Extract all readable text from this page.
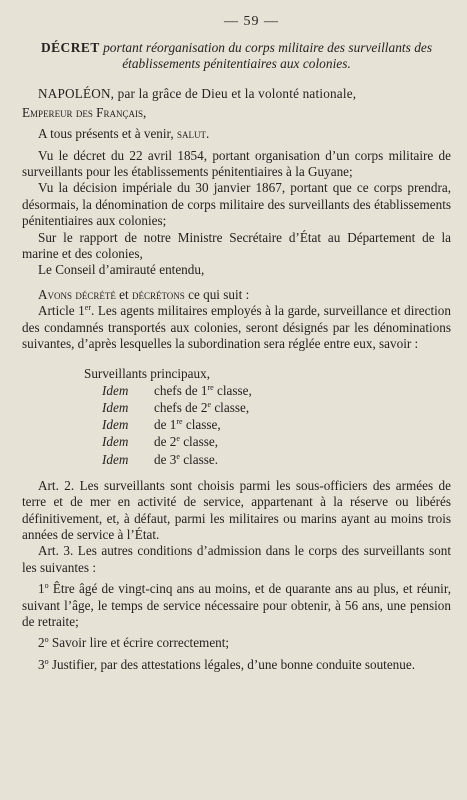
— 59 —
DÉCRET portant réorganisation du corps militaire des surveillants des établissements pénitentiaires aux colonies.

NAPOLÉON, par la grâce de Dieu et la volonté nationale,

Empereur des Français,

A tous présents et à venir, salut.

Vu le décret du 22 avril 1854, portant organisation d’un corps militaire de surveillants pour les établissements pénitentiaires à la Guyane;

Vu la décision impériale du 30 janvier 1867, portant que ce corps prendra, désormais, la dénomination de corps militaire des surveillants des établissements pénitentiaires aux colonies;

Sur le rapport de notre Ministre Secrétaire d’État au Département de la marine et des colonies,

Le Conseil d’amirauté entendu,

Avons décrété et décrétons ce qui suit :

Article 1er. Les agents militaires employés à la garde, surveillance et direction des condamnés transportés aux colonies, seront désignés par les dénominations suivantes, d’après lesquelles la subordination sera réglée entre eux, savoir :

Surveillants principaux,
Idem	chefs de 1re classe,
Idem	chefs de 2e classe,
Idem	de 1re classe,
Idem	de 2e classe,
Idem	de 3e classe.

Art. 2. Les surveillants sont choisis parmi les sous-officiers des armées de terre et de mer en activité de service, appartenant à la réserve ou libérés définitivement, et, à défaut, parmi les militaires ou marins ayant au moins trois années de service à l’État.

Art. 3. Les autres conditions d’admission dans le corps des surveillants sont les suivantes :

1$^o$ Être âgé de vingt-cinq ans au moins, et de quarante ans au plus, et réunir, suivant l’âge, le temps de service nécessaire pour obtenir, à 56 ans, une pension de retraite;

2$^o$ Savoir lire et écrire correctement;

3$^o$ Justifier, par des attestations légales, d’une bonne conduite soutenue.
